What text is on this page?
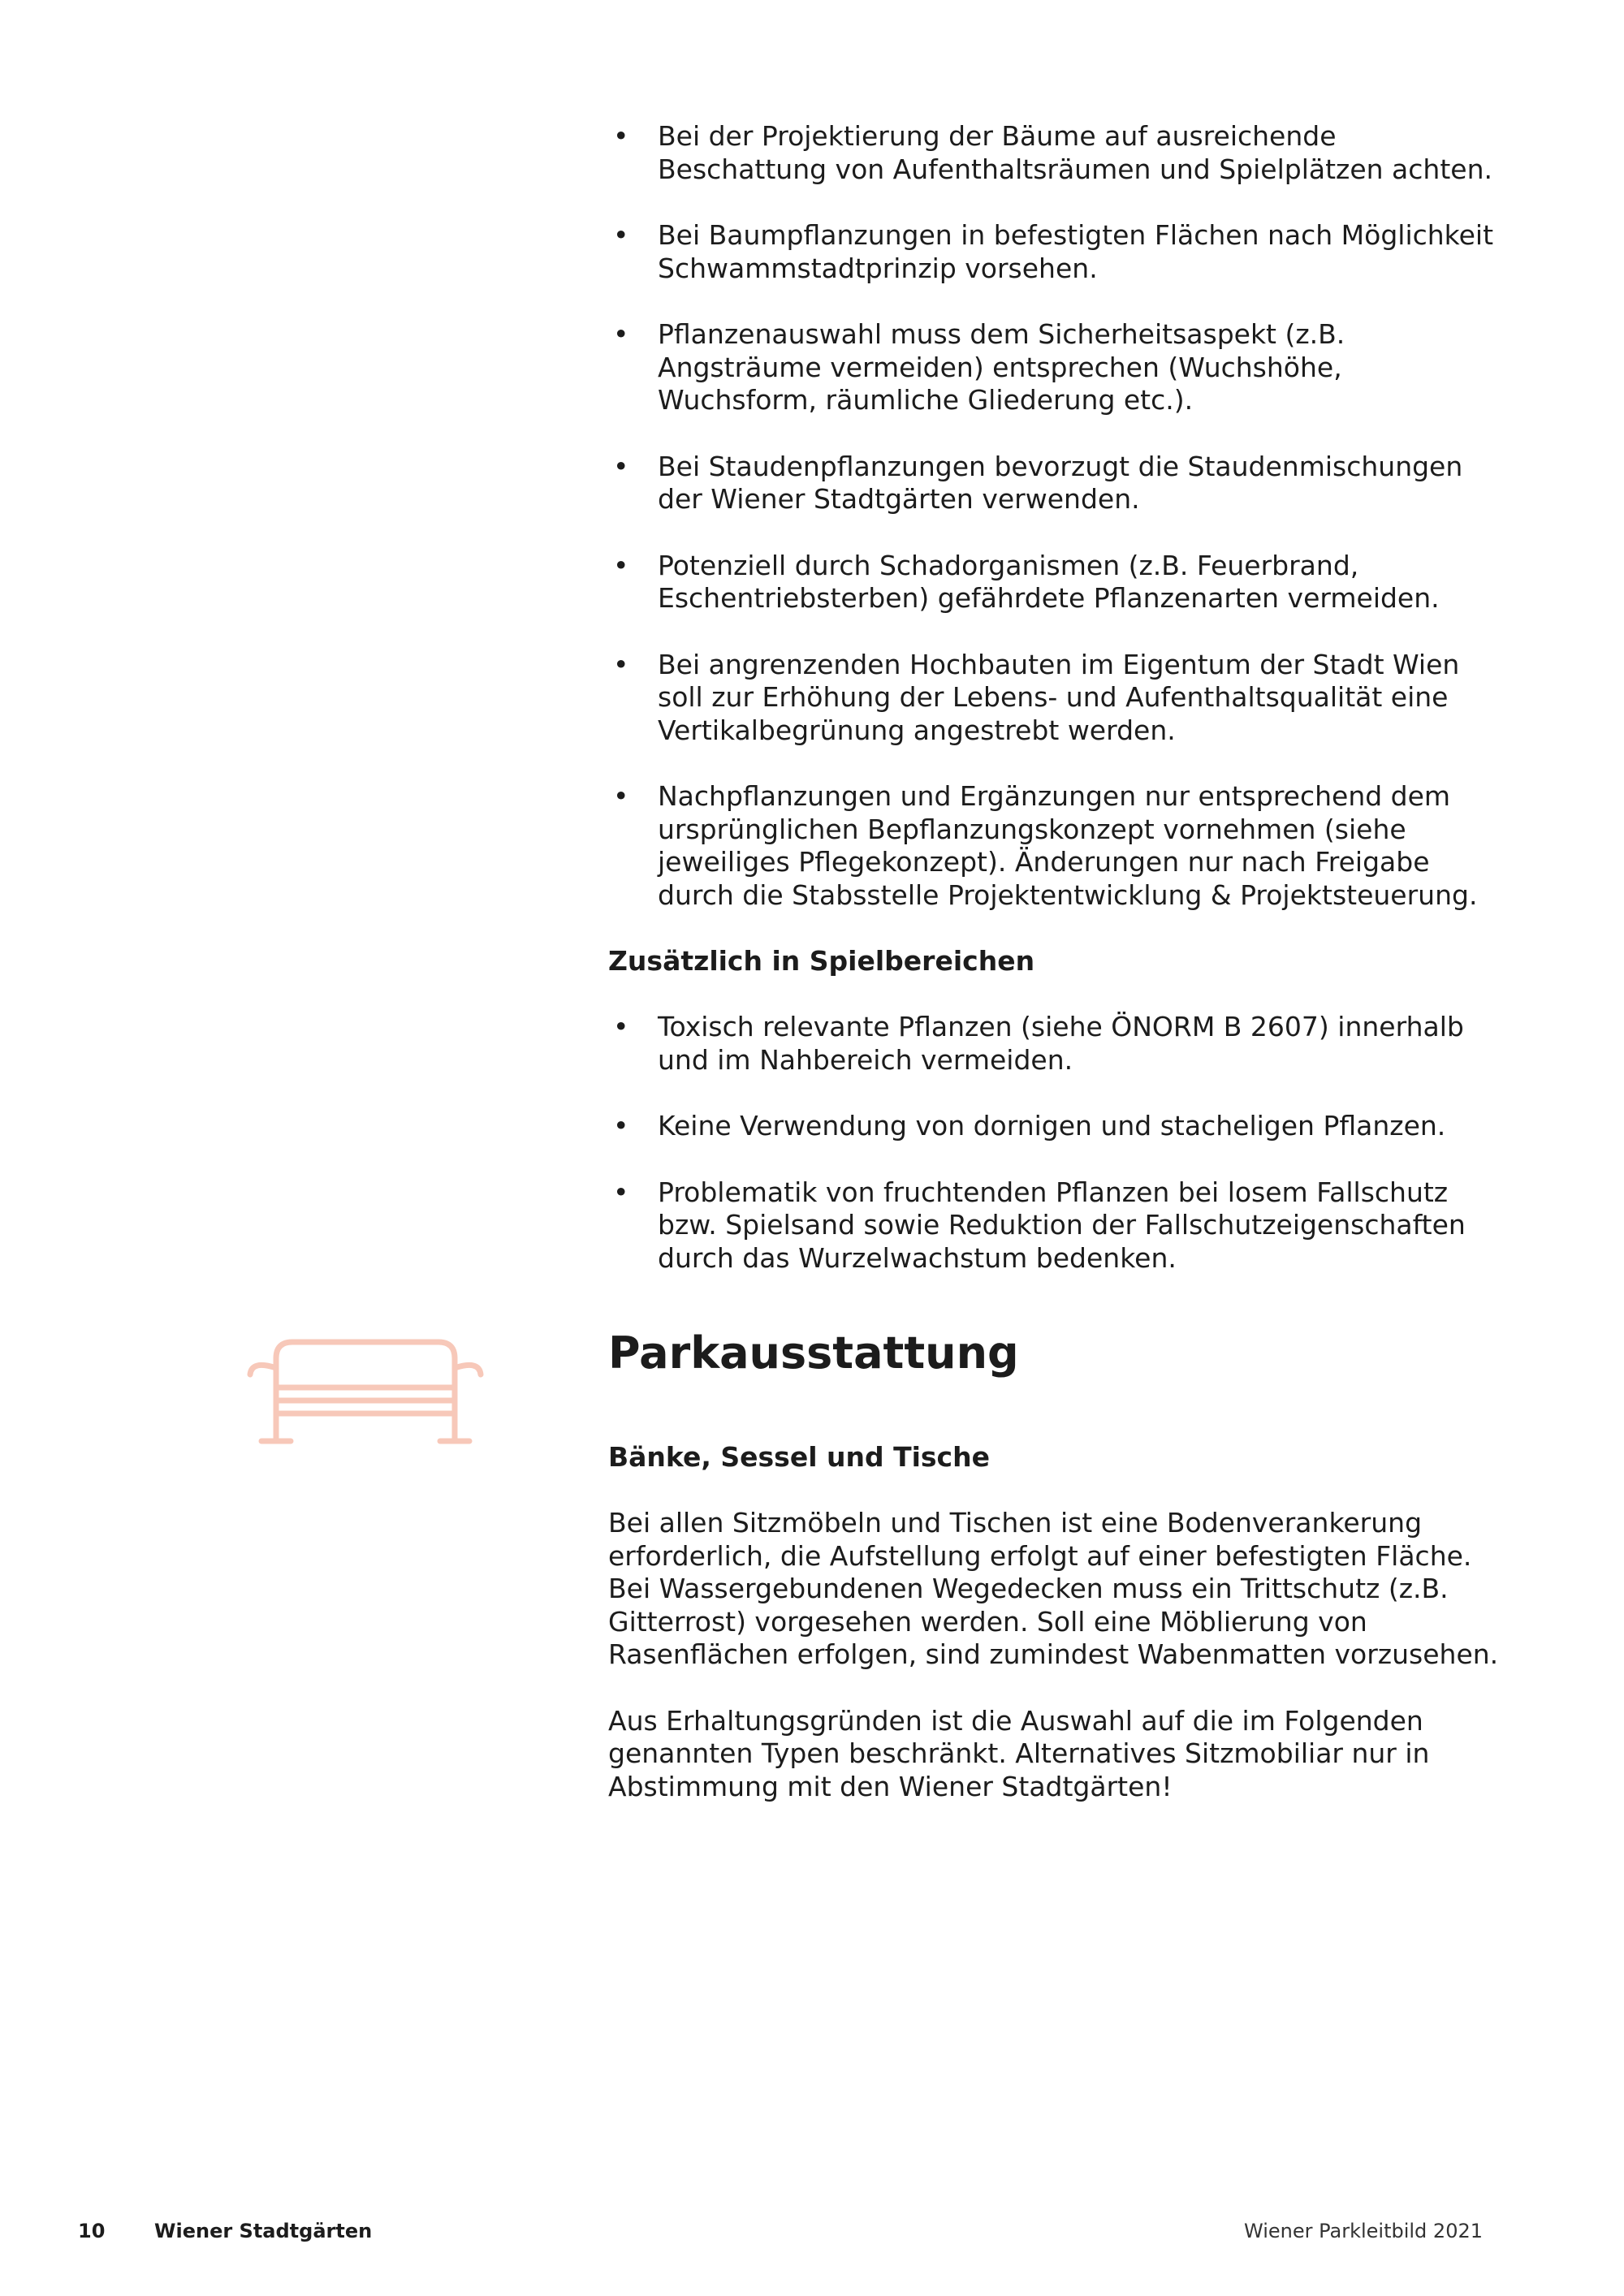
• Bei der Projektierung der Bäume auf ausreichende Beschattung von Aufenthaltsräumen und Spielplätzen achten.
• Bei Baumpflanzungen in befestigten Flächen nach Möglichkeit Schwammstadtprinzip vorsehen.
• Pflanzenauswahl muss dem Sicherheitsaspekt (z.B. Angsträume vermeiden) entsprechen (Wuchshöhe, Wuchsform, räumliche Gliederung etc.).
• Bei Staudenpflanzungen bevorzugt die Staudenmischungen der Wiener Stadtgärten verwenden.
• Potenziell durch Schadorganismen (z.B. Feuerbrand, Eschentriebsterben) gefährdete Pflanzenarten vermeiden.
• Bei angrenzenden Hochbauten im Eigentum der Stadt Wien soll zur Erhöhung der Lebens- und Aufenthaltsqualität eine Vertikalbegrünung angestrebt werden.
• Nachpflanzungen und Ergänzungen nur entsprechend dem ursprünglichen Bepflanzungskonzept vornehmen (siehe jeweiliges Pflegekonzept). Änderungen nur nach Freigabe durch die Stabsstelle Projektentwicklung & Projektsteuerung.

Zusätzlich in Spielbereichen

• Toxisch relevante Pflanzen (siehe ÖNORM B 2607) innerhalb und im Nahbereich vermeiden.
• Keine Verwendung von dornigen und stacheligen Pflanzen.
• Problematik von fruchtenden Pflanzen bei losem Fallschutz bzw. Spielsand sowie Reduktion der Fallschutzeigenschaften durch das Wurzelwachstum bedenken.
Parkausstattung

Bänke, Sessel und Tische

Bei allen Sitzmöbeln und Tischen ist eine Bodenverankerung erforderlich, die Aufstellung erfolgt auf einer befestigten Fläche. Bei Wassergebundenen Wegedecken muss ein Trittschutz (z.B. Gitterrost) vorgesehen werden. Soll eine Möblierung von Rasenflächen erfolgen, sind zumindest Wabenmatten vorzusehen.

Aus Erhaltungsgründen ist die Auswahl auf die im Folgenden genannten Typen beschränkt. Alternatives Sitzmobiliar nur in Abstimmung mit den Wiener Stadtgärten!

10	Wiener Stadtgärten	Wiener Parkleitbild 2021
